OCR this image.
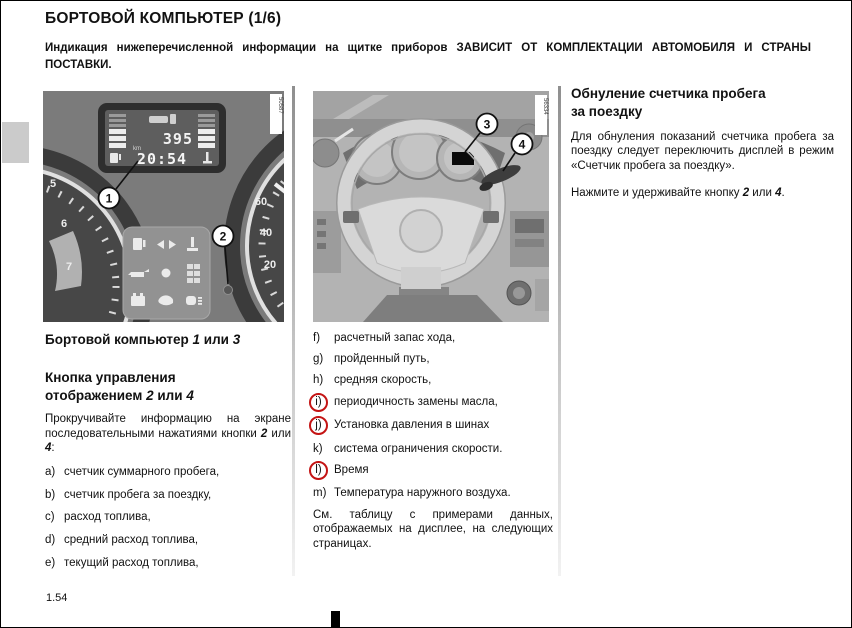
БОРТОВОЙ КОМПЬЮТЕР (1/6)
Индикация нижеперечисленной информации на щитке приборов ЗАВИСИТ ОТ КОМПЛЕКТАЦИИ АВТОМОБИЛЯ И СТРАНЫ ПОСТАВКИ.
5
6
7
60
40
20
395
km
20:54
1
2
50587
3
4
56334

Бортовой компьютер 1 или 3

Кнопка управления
отображением 2 или 4

Прокручивайте информацию на экране последовательными нажатиями кнопки 2 или 4:

a) счетчик суммарного пробега,
b) счетчик пробега за поездку,
c) расход топлива,
d) средний расход топлива,
e) текущий расход топлива,
f)	расчетный запас хода,
g) пройденный путь,
h) средняя скорость,
i)	периодичность замены масла,
j)	Установка давления в шинах
k) система ограничения скорости.
l)	Время
m) Температура наружного воздуха.

См. таблицу с примерами данных, отображаемых на дисплее, на следующих страницах.

Обнуление счетчика пробега
за поездку

Для обнуления показаний счетчика пробега за поездку следует переключить дисплей в режим «Счетчик пробега за поездку».

Нажмите и удерживайте кнопку 2 или 4.

1.54
